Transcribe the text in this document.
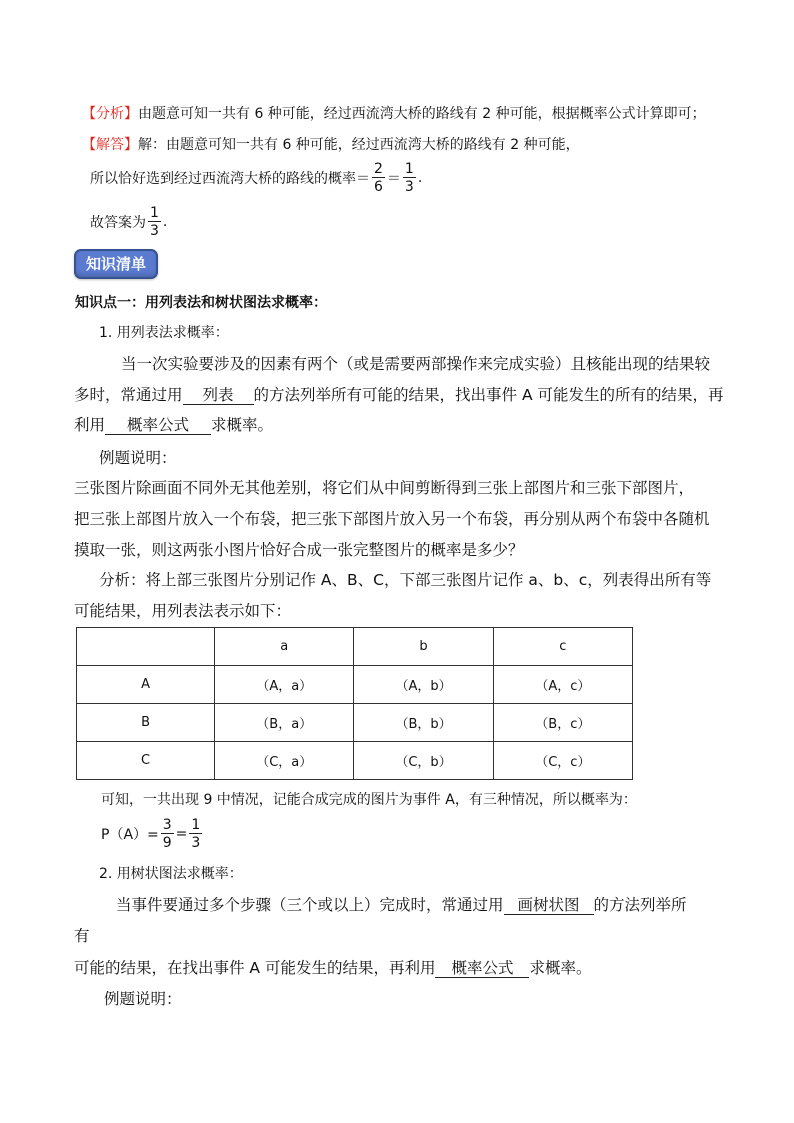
【分析】由题意可知一共有 6 种可能，经过西流湾大桥的路线有 2 种可能，根据概率公式计算即可；
【解答】解：由题意可知一共有 6 种可能，经过西流湾大桥的路线有 2 种可能，
所以恰好选到经过西流湾大桥的路线的概率＝ $\frac{2}{6} = \frac{1}{3}$ .
故答案为 $\frac{1}{3}$ .
知识清单
知识点一：用列表法和树状图法求概率：
1. 用列表法求概率：
当一次实验要涉及的因素有两个（或是需要两部操作来完成实验）且核能出现的结果较
多时，常通过用 列表 的方法列举所有可能的结果，找出事件 A 可能发生的所有的结果，再
利用 概率公式 求概率。
例题说明：
三张图片除画面不同外无其他差别，将它们从中间剪断得到三张上部图片和三张下部图片，
把三张上部图片放入一个布袋，把三张下部图片放入另一个布袋，再分别从两个布袋中各随机
摸取一张，则这两张小图片恰好合成一张完整图片的概率是多少？
分析：将上部三张图片分别记作 A、B、C，下部三张图片记作 a、b、c，列表得出所有等
可能结果，用列表法表示如下：
	a	b	c
A	（A，a）	（A，b）	（A，c）
B	（B，a）	（B，b）	（B，c）
C	（C，a）	（C，b）	（C，c）
可知，一共出现 9 中情况，记能合成完成的图片为事件 A，有三种情况，所以概率为：
$P(A)= \frac{3}{9} = \frac{1}{3}$
2. 用树状图法求概率：
当事件要通过多个步骤（三个或以上）完成时，常通过用 画树状图 的方法列举所
有
可能的结果，在找出事件 A 可能发生的结果，再利用 概率公式 求概率。
例题说明：
